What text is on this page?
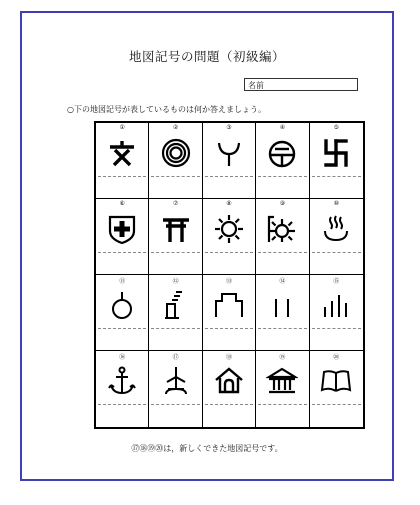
地図記号の問題（初級編）
名前
○下の地図記号が表しているものは何か答えましょう。
①	②	③	④	⑤
⑥	⑦	⑧	⑨	⑩
⑪	⑫	⑬	⑭	⑮
⑯	⑰	⑱	⑲	⑳
⑰⑱⑲⑳は，新しくできた地図記号です。
